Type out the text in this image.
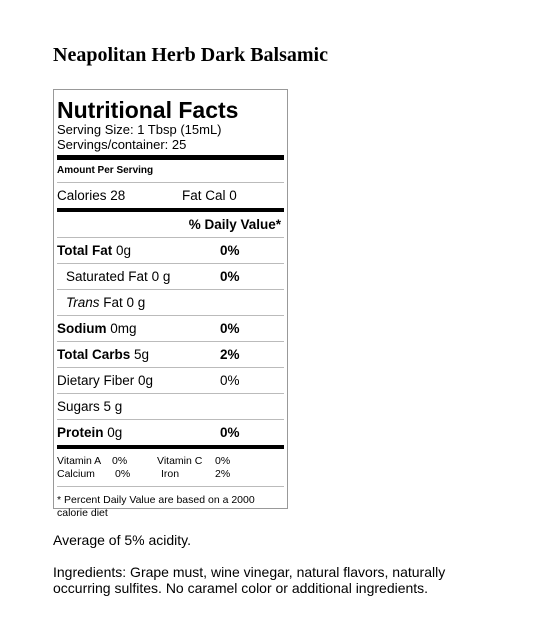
Neapolitan Herb Dark Balsamic
Nutritional Facts
Serving Size: 1 Tbsp (15mL)
Servings/container: 25
Amount Per Serving
Calories 28	Fat Cal 0
% Daily Value*
Total Fat 0g	0%
Saturated Fat 0 g	0%
Trans Fat 0 g
Sodium 0mg	0%
Total Carbs 5g	2%
Dietary Fiber 0g	0%
Sugars 5 g
Protein 0g	0%
Vitamin A 0%	Vitamin C 0%
Calcium 0%	Iron	2%
* Percent Daily Value are based on a 2000 calorie diet
Average of 5% acidity.
Ingredients: Grape must, wine vinegar, natural flavors, naturally occurring sulfites. No caramel color or additional ingredients.
